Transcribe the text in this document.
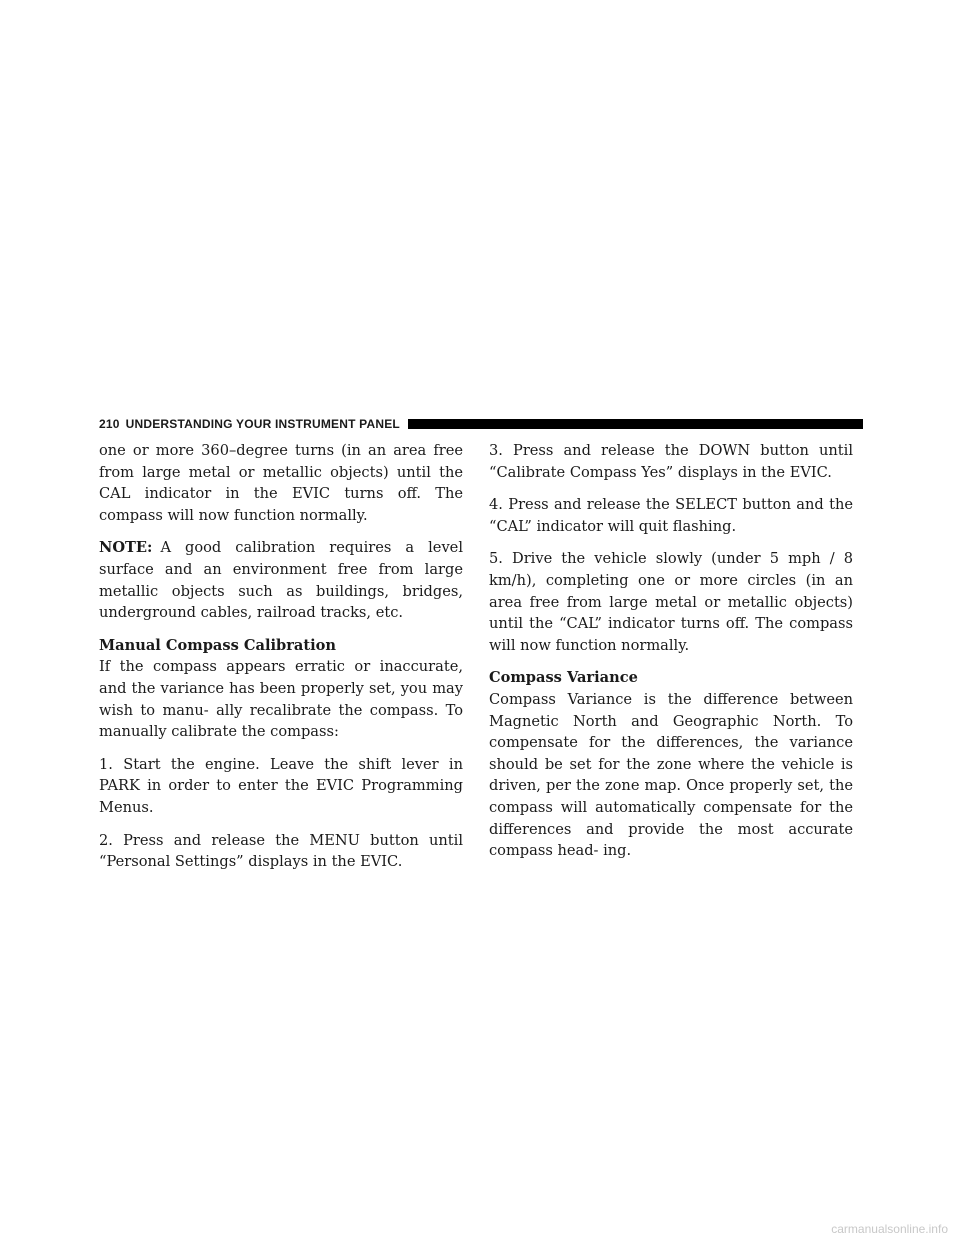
210 UNDERSTANDING YOUR INSTRUMENT PANEL

one or more 360–degree turns (in an area free from large metal or metallic objects) until the CAL indicator in the EVIC turns off. The compass will now function normally.

NOTE: A good calibration requires a level surface and an environment free from large metallic objects such as buildings, bridges, underground cables, railroad tracks, etc.

Manual Compass Calibration

If the compass appears erratic or inaccurate, and the variance has been properly set, you may wish to manu- ally recalibrate the compass. To manually calibrate the compass:

1. Start the engine. Leave the shift lever in PARK in order to enter the EVIC Programming Menus.

2. Press and release the MENU button until “Personal Settings” displays in the EVIC.

3. Press and release the DOWN button until “Calibrate Compass Yes” displays in the EVIC.

4. Press and release the SELECT button and the “CAL” indicator will quit flashing.

5. Drive the vehicle slowly (under 5 mph / 8 km/h), completing one or more circles (in an area free from large metal or metallic objects) until the “CAL” indicator turns off. The compass will now function normally.

Compass Variance

Compass Variance is the difference between Magnetic North and Geographic North. To compensate for the differences, the variance should be set for the zone where the vehicle is driven, per the zone map. Once properly set, the compass will automatically compensate for the differences and provide the most accurate compass head- ing.

carmanualsonline.info
